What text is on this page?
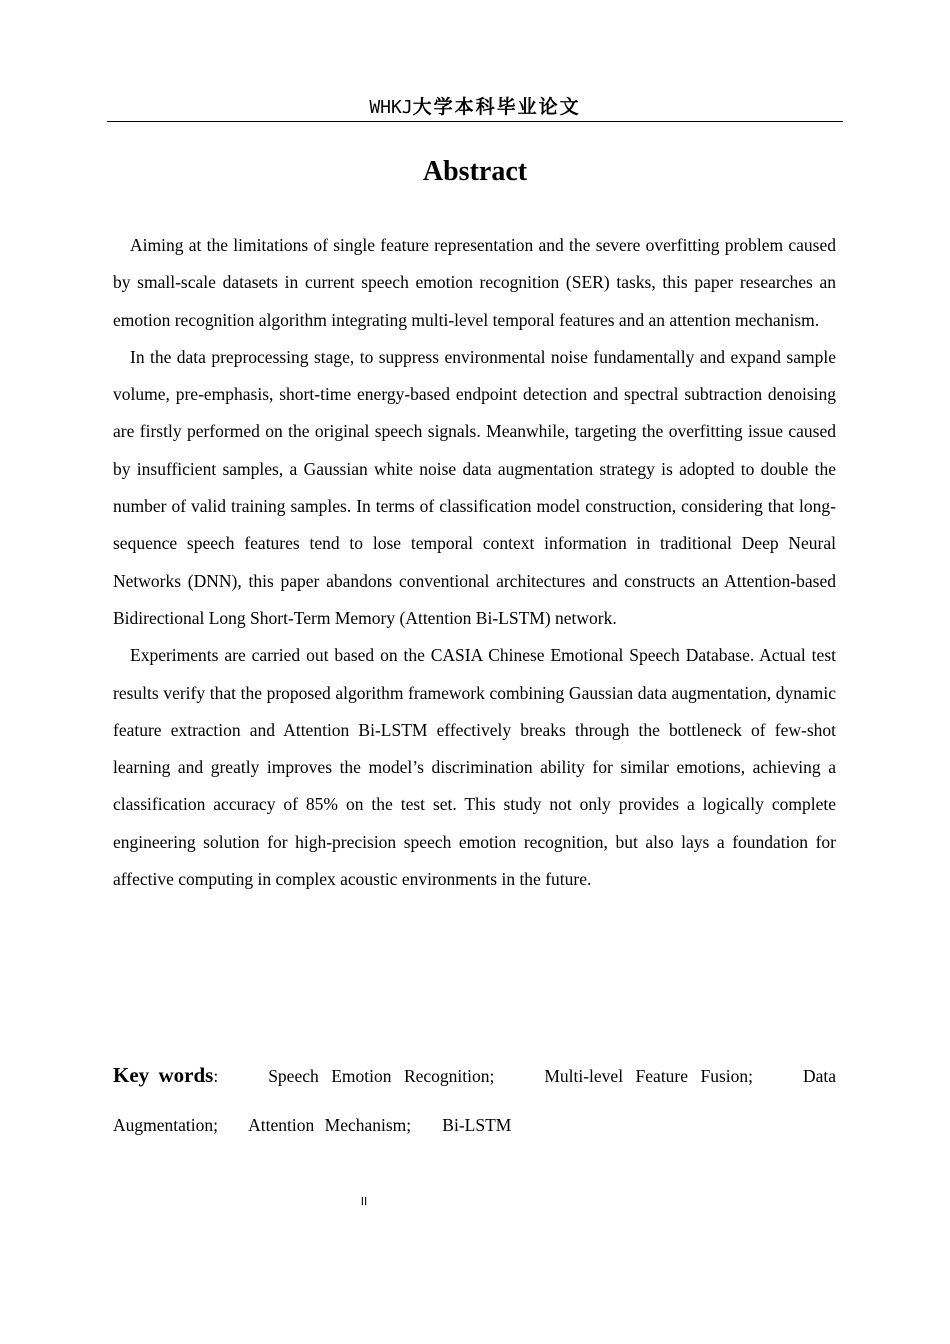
WHKJ大学本科毕业论文
Abstract

Aiming at the limitations of single feature representation and the severe overfitting problem caused by small-scale datasets in current speech emotion recognition (SER) tasks, this paper researches an emotion recognition algorithm integrating multi-level temporal features and an attention mechanism.

In the data preprocessing stage, to suppress environmental noise fundamentally and expand sample volume, pre-emphasis, short-time energy-based endpoint detection and spectral subtraction denoising are firstly performed on the original speech signals. Meanwhile, targeting the overfitting issue caused by insufficient samples, a Gaussian white noise data augmentation strategy is adopted to double the number of valid training samples. In terms of classification model construction, considering that long-sequence speech features tend to lose temporal context information in traditional Deep Neural Networks (DNN), this paper abandons conventional architectures and constructs an Attention-based Bidirectional Long Short-Term Memory (Attention Bi-LSTM) network.

Experiments are carried out based on the CASIA Chinese Emotional Speech Database. Actual test results verify that the proposed algorithm framework combining Gaussian data augmentation, dynamic feature extraction and Attention Bi-LSTM effectively breaks through the bottleneck of few-shot learning and greatly improves the model’s discrimination ability for similar emotions, achieving a classification accuracy of 85% on the test set. This study not only provides a logically complete engineering solution for high-precision speech emotion recognition, but also lays a foundation for affective computing in complex acoustic environments in the future.

Key words:	Speech Emotion Recognition;	Multi-level Feature Fusion;	Data Augmentation; Attention Mechanism; Bi-LSTM
II
